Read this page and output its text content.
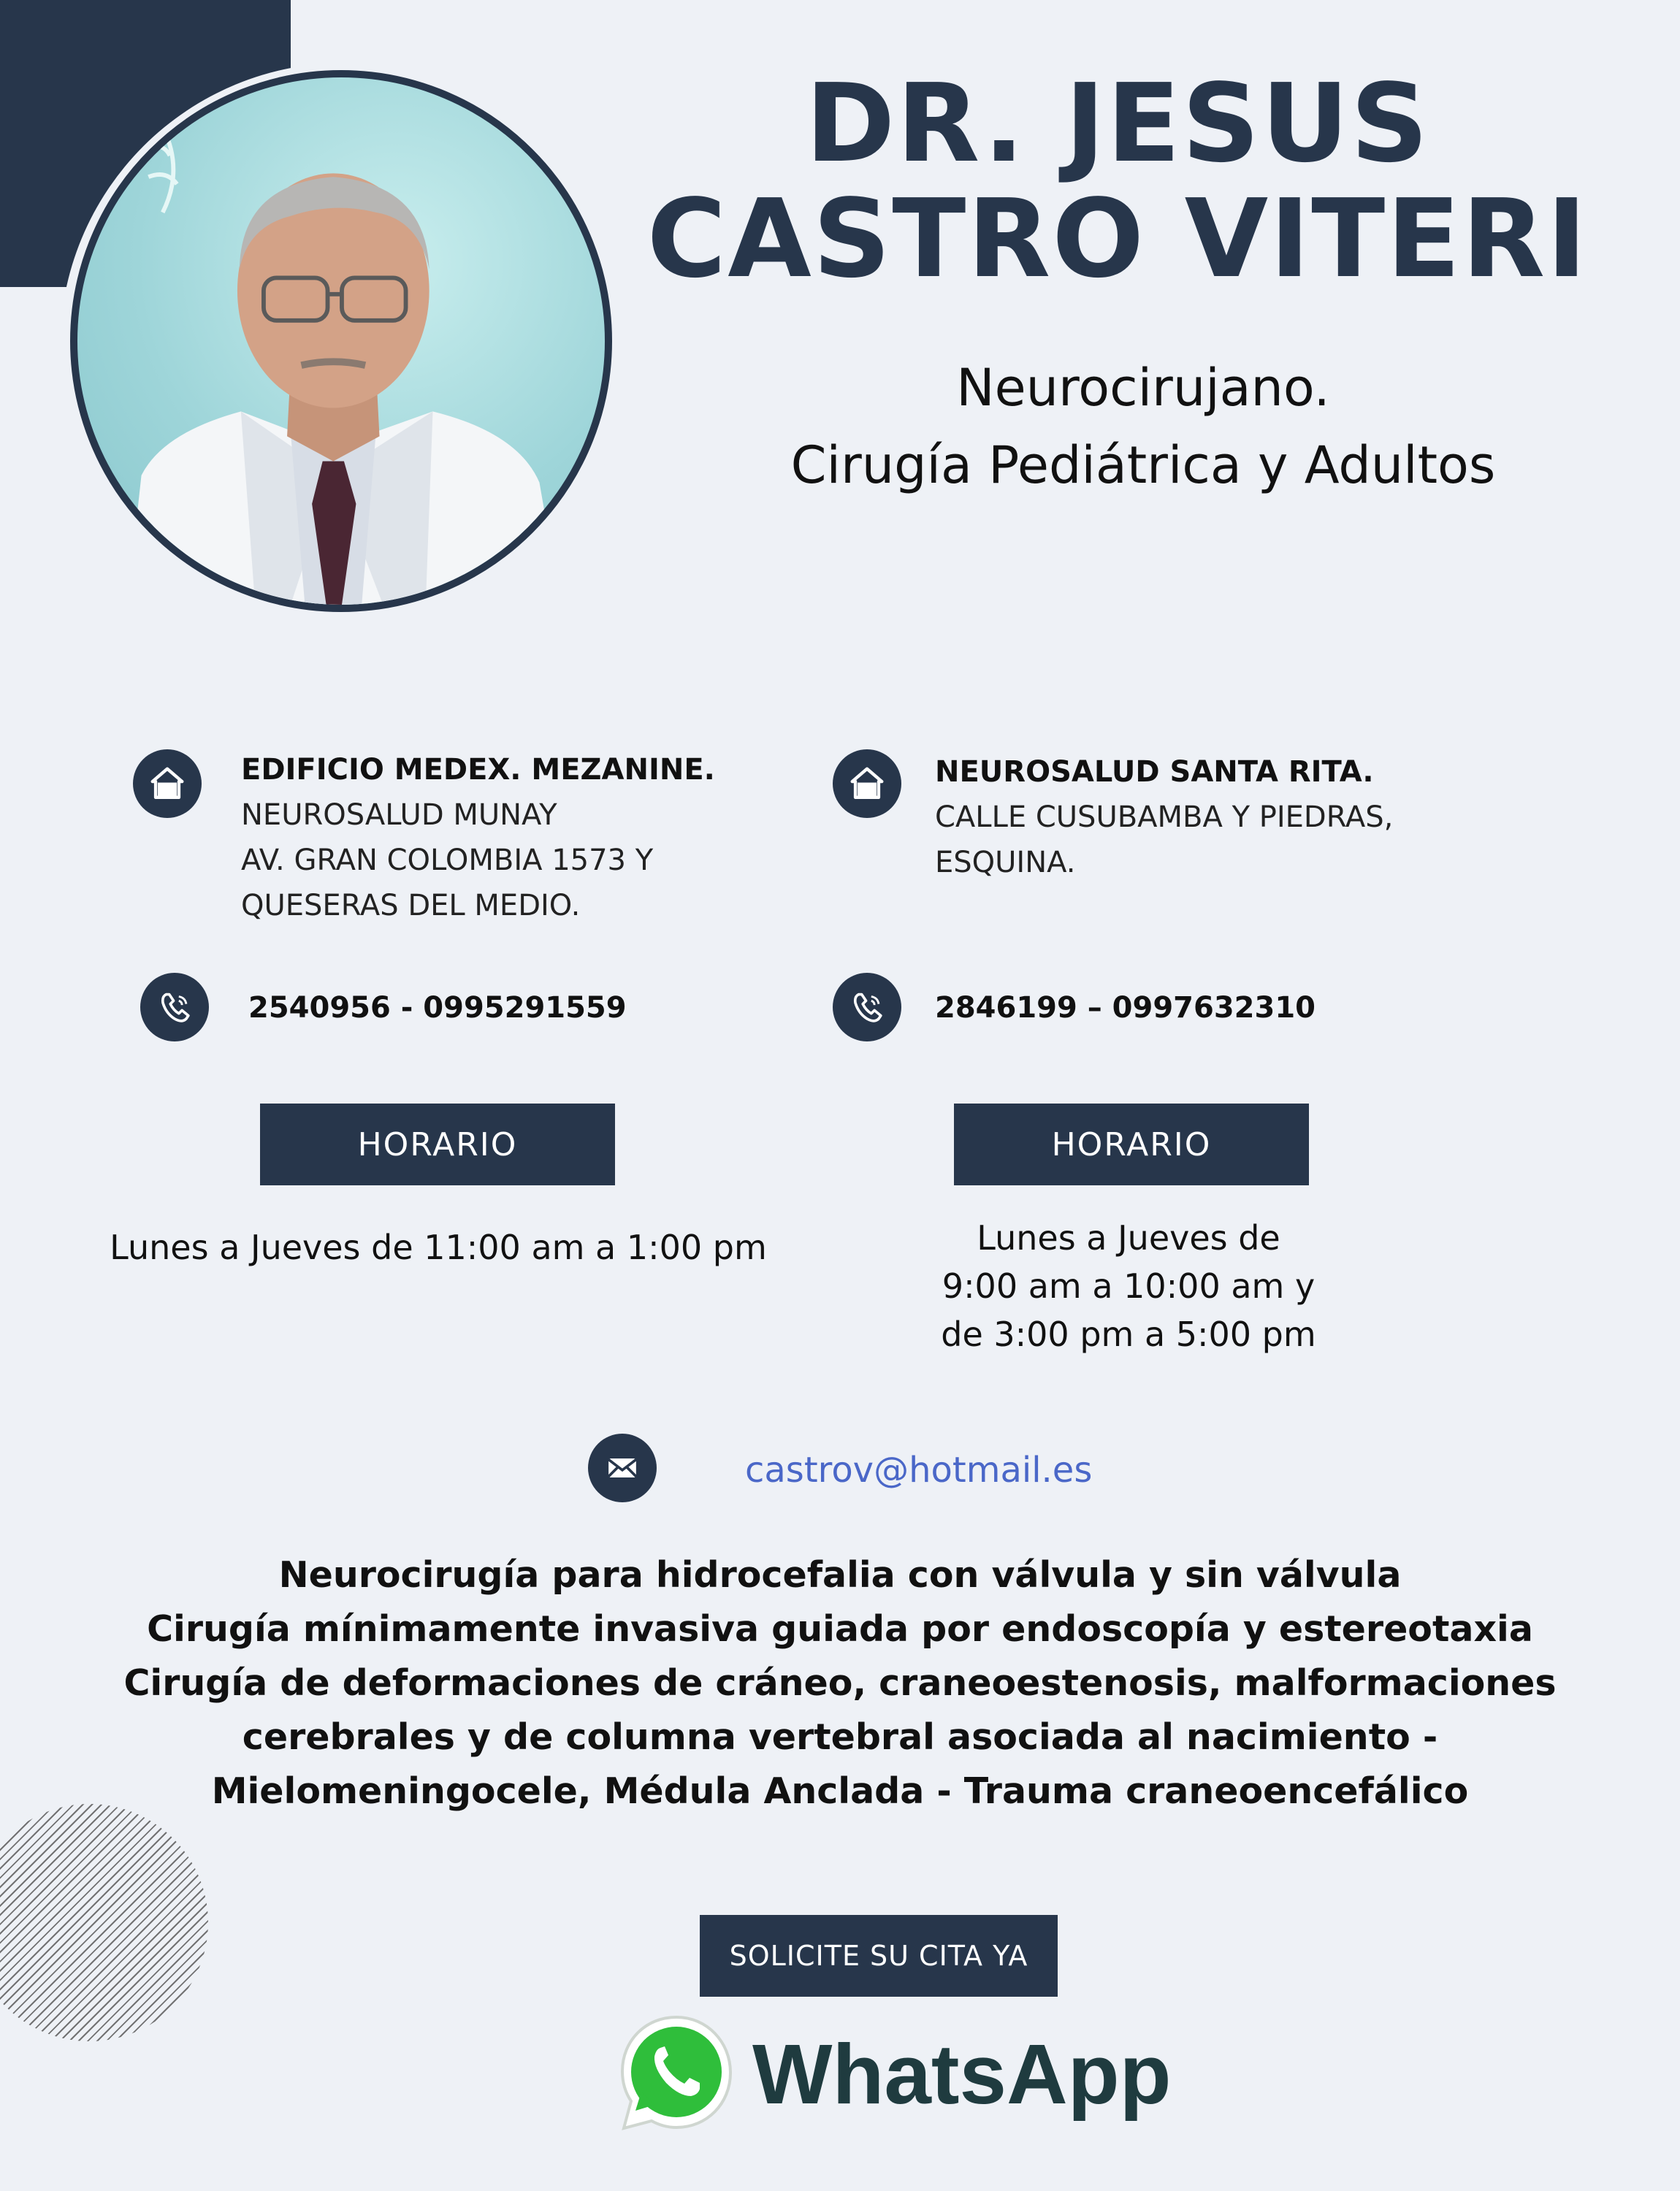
DR. JESUS
CASTRO VITERI
Neurocirujano.
Cirugía Pediátrica y Adultos
EDIFICIO MEDEX. MEZANINE.
NEUROSALUD MUNAY
AV. GRAN COLOMBIA 1573 Y
QUESERAS DEL MEDIO.
2540956 - 0995291559
HORARIO
Lunes a Jueves de 11:00 am a 1:00 pm
NEUROSALUD SANTA RITA.
CALLE CUSUBAMBA Y PIEDRAS,
ESQUINA.
2846199 – 0997632310
HORARIO
Lunes a Jueves de
9:00 am a 10:00 am y
de 3:00 pm a 5:00 pm
castrov@hotmail.es
Neurocirugía para hidrocefalia con válvula y sin válvula
Cirugía mínimamente invasiva guiada por endoscopía y estereotaxia
Cirugía de deformaciones de cráneo, craneoestenosis, malformaciones
cerebrales y de columna vertebral asociada al nacimiento -
Mielomeningocele, Médula Anclada - Trauma craneoencefálico
SOLICITE SU CITA YA
WhatsApp
